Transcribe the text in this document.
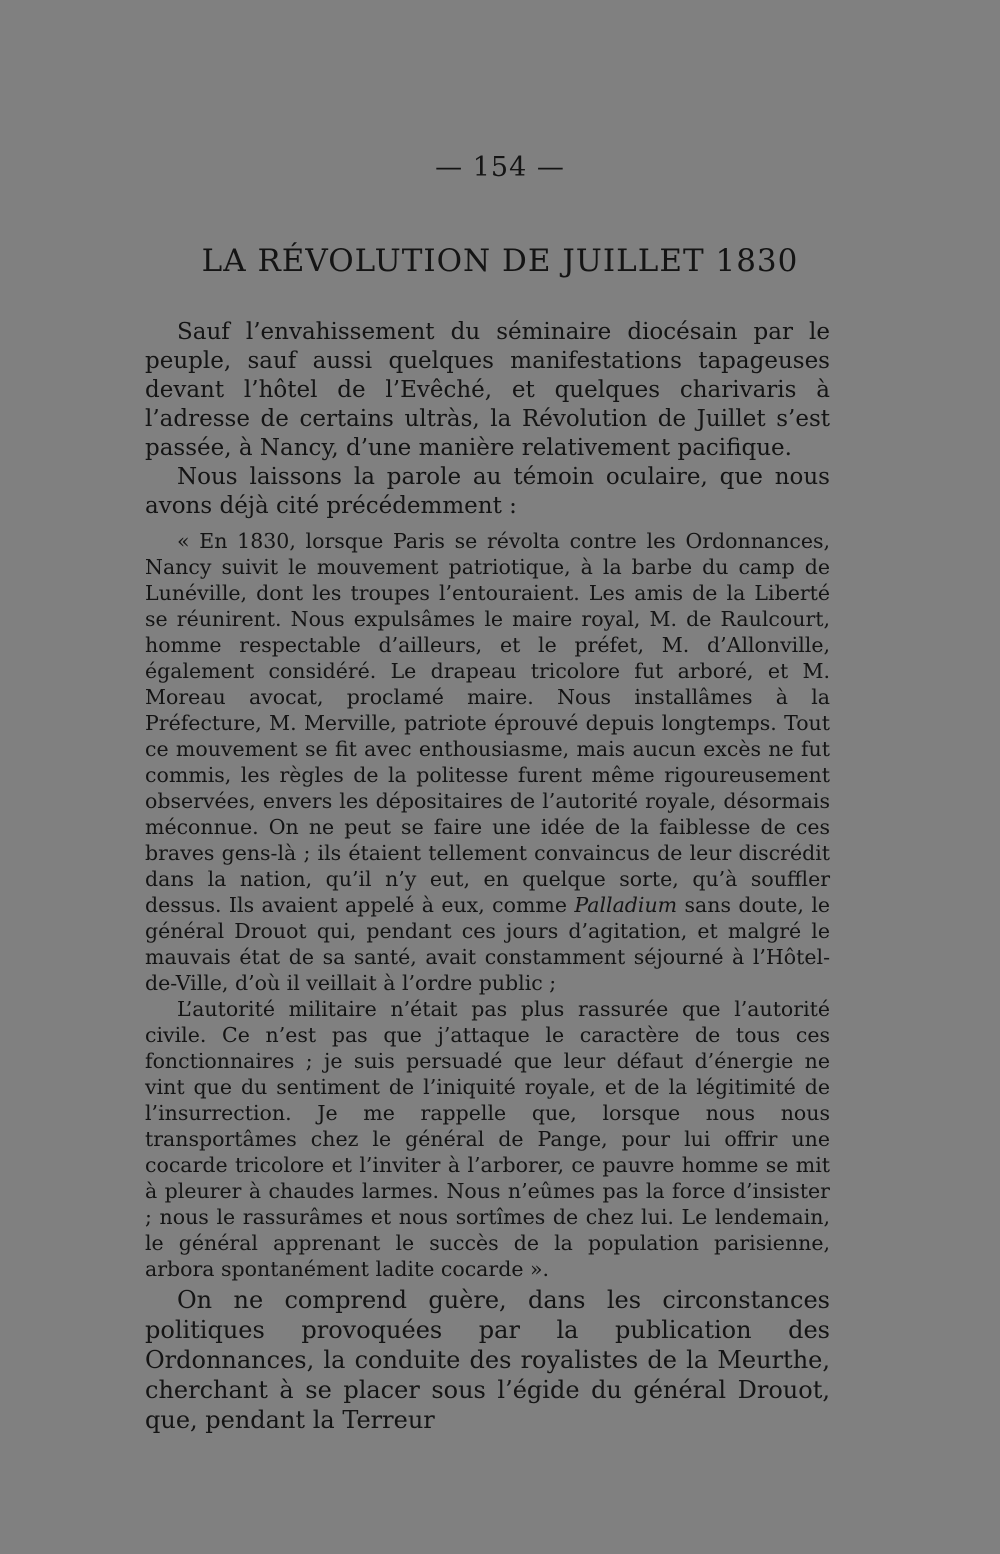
— 154 —
LA RÉVOLUTION DE JUILLET 1830

Sauf l’envahissement du séminaire diocésain par le peuple, sauf aussi quelques manifestations tapageuses devant l’hôtel de l’Evêché, et quelques charivaris à l’adresse de certains ultràs, la Révolution de Juillet s’est passée, à Nancy, d’une manière relativement pacifique.

Nous laissons la parole au témoin oculaire, que nous avons déjà cité précédemment :

« En 1830, lorsque Paris se révolta contre les Ordonnances, Nancy suivit le mouvement patriotique, à la barbe du camp de Lunéville, dont les troupes l’entouraient. Les amis de la Liberté se réunirent. Nous expulsâmes le maire royal, M. de Raulcourt, homme respectable d’ailleurs, et le préfet, M. d’Allonville, également considéré. Le drapeau tricolore fut arboré, et M. Moreau avocat, proclamé maire. Nous installâmes à la Préfecture, M. Merville, patriote éprouvé depuis longtemps. Tout ce mouvement se fit avec enthousiasme, mais aucun excès ne fut commis, les règles de la politesse furent même rigoureusement observées, envers les dépositaires de l’autorité royale, désormais méconnue. On ne peut se faire une idée de la faiblesse de ces braves gens-là ; ils étaient tellement convaincus de leur discrédit dans la nation, qu’il n’y eut, en quelque sorte, qu’à souffler dessus. Ils avaient appelé à eux, comme Palladium sans doute, le général Drouot qui, pendant ces jours d’agitation, et malgré le mauvais état de sa santé, avait constamment séjourné à l’Hôtel-de-Ville, d’où il veillait à l’ordre public ;

L’autorité militaire n’était pas plus rassurée que l’autorité civile. Ce n’est pas que j’attaque le caractère de tous ces fonctionnaires ; je suis persuadé que leur défaut d’énergie ne vint que du sentiment de l’iniquité royale, et de la légitimité de l’insurrection. Je me rappelle que, lorsque nous nous transportâmes chez le général de Pange, pour lui offrir une cocarde tricolore et l’inviter à l’arborer, ce pauvre homme se mit à pleurer à chaudes larmes. Nous n’eûmes pas la force d’insister ; nous le rassurâmes et nous sortîmes de chez lui. Le lendemain, le général apprenant le succès de la population parisienne, arbora spontanément ladite cocarde ».

On ne comprend guère, dans les circonstances politiques provoquées par la publication des Ordonnances, la conduite des royalistes de la Meurthe, cherchant à se placer sous l’égide du général Drouot, que, pendant la Terreur
